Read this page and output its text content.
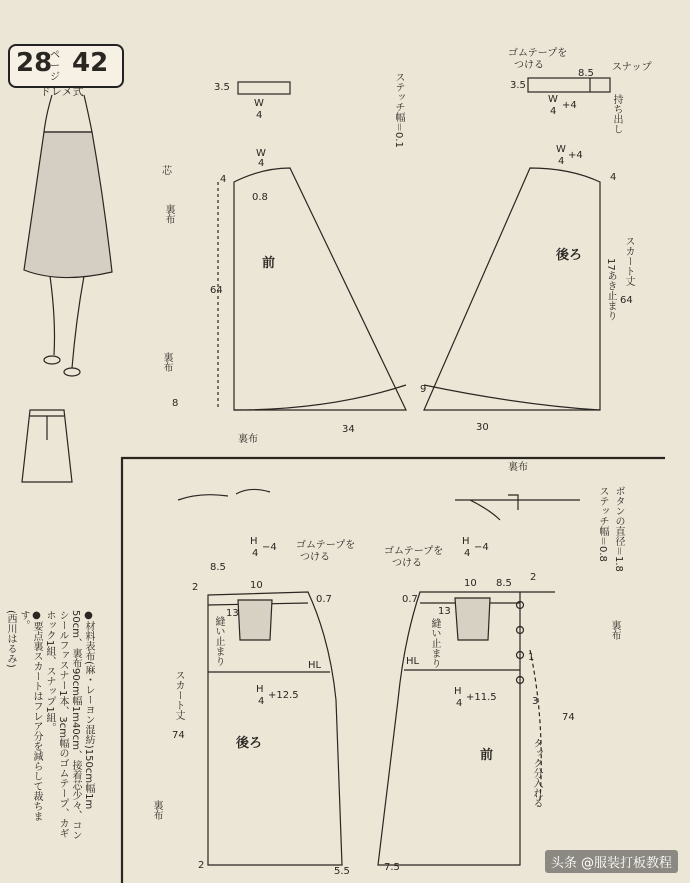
28
ページ 42
ドレメ式	3.5
W
4	ステッチ幅＝0.1
ゴムテープを
つける	スナップ
8.5
3.5
W
4
+4	持ち出し
芯
裏布
4
W
4
0.8
前
64
裏布
8
34
裏布
W
4
+4
4
後ろ	スカート丈
64
17あき止まり
9
30
裏布
ボタンの直径＝1.8
ステッチ幅＝0.8
H
4
−4 ゴムテープを
つける
8.5
2	10
0.7
13
縫い止まり	HL
H
4
+12.5
スカート丈
74
後ろ
裏布
2
5.5
ゴムテープを
つける
H
4
−4
10 8.5
2
0.7
13
縫い止まり
HL
H
4
+11.5
1
3
前	タック分入れる
74
裏布
7.5
●材料表布(麻・レーヨン混紡)150cm幅1m 50cm、裏布90cm幅1m40cm、接着芯少々、コンシールファスナー1本、3cm幅のゴムテープ、カギホック1組、スナップ1組。
●要点裏スカートはフレア分を減らして裁ちます。
(西川はるみ)
头条 @服装打板教程
